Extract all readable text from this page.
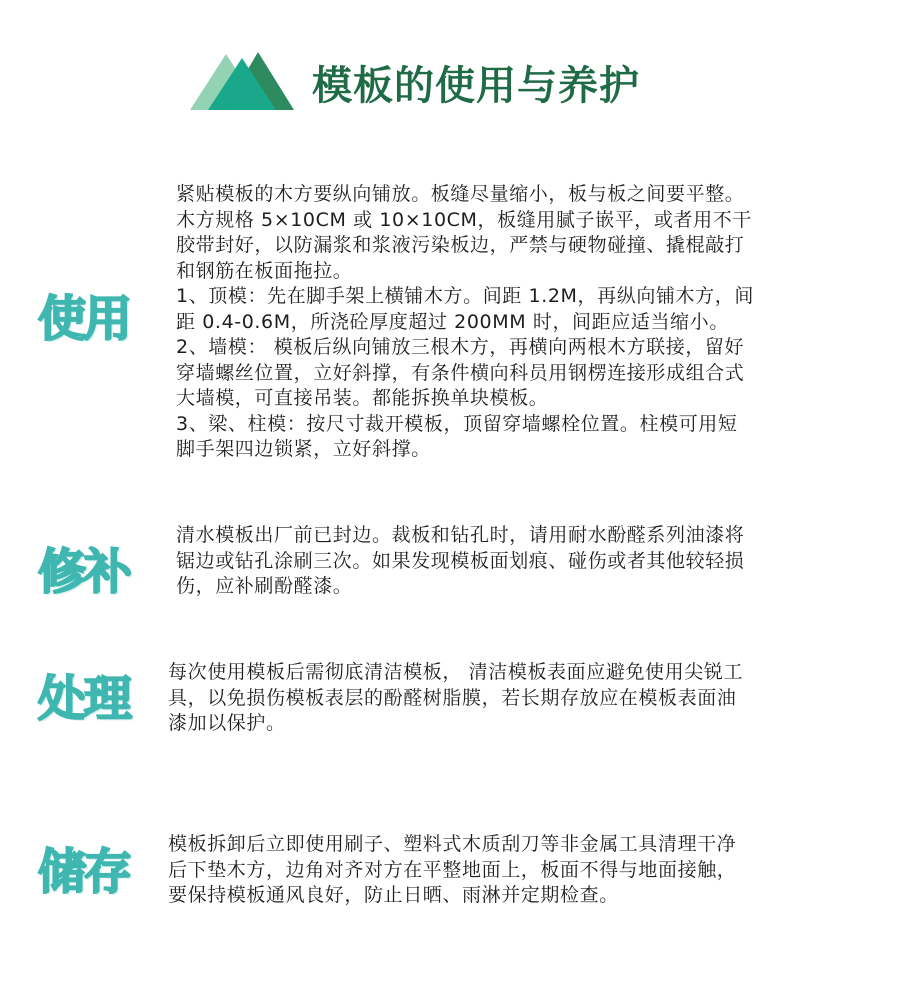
模板的使用与养护
使用
紧贴模板的木方要纵向铺放。板缝尽量缩小，板与板之间要平整。
木方规格 5×10CM 或 10×10CM，板缝用腻子嵌平，或者用不干
胶带封好，以防漏浆和浆液污染板边，严禁与硬物碰撞、撬棍敲打
和钢筋在板面拖拉。
1、顶模：先在脚手架上横铺木方。间距 1.2M，再纵向铺木方，间
距 0.4-0.6M，所浇砼厚度超过 200MM 时，间距应适当缩小。
2、墙模： 模板后纵向铺放三根木方，再横向两根木方联接，留好
穿墙螺丝位置，立好斜撑，有条件横向科员用钢楞连接形成组合式
大墙模，可直接吊装。都能拆换单块模板。
3、梁、柱模：按尺寸裁开模板，顶留穿墙螺栓位置。柱模可用短
脚手架四边锁紧，立好斜撑。
修补
清水模板出厂前已封边。裁板和钻孔时，请用耐水酚醛系列油漆将
锯边或钻孔涂刷三次。如果发现模板面划痕、碰伤或者其他较轻损
伤，应补刷酚醛漆。
处理 每次使用模板后需彻底清洁模板， 清洁模板表面应避免使用尖锐工
具，以免损伤模板表层的酚醛树脂膜，若长期存放应在模板表面油
漆加以保护。
储存 模板拆卸后立即使用刷子、塑料式木质刮刀等非金属工具清理干净
后下垫木方，边角对齐对方在平整地面上，板面不得与地面接触，
要保持模板通风良好，防止日晒、雨淋并定期检查。
